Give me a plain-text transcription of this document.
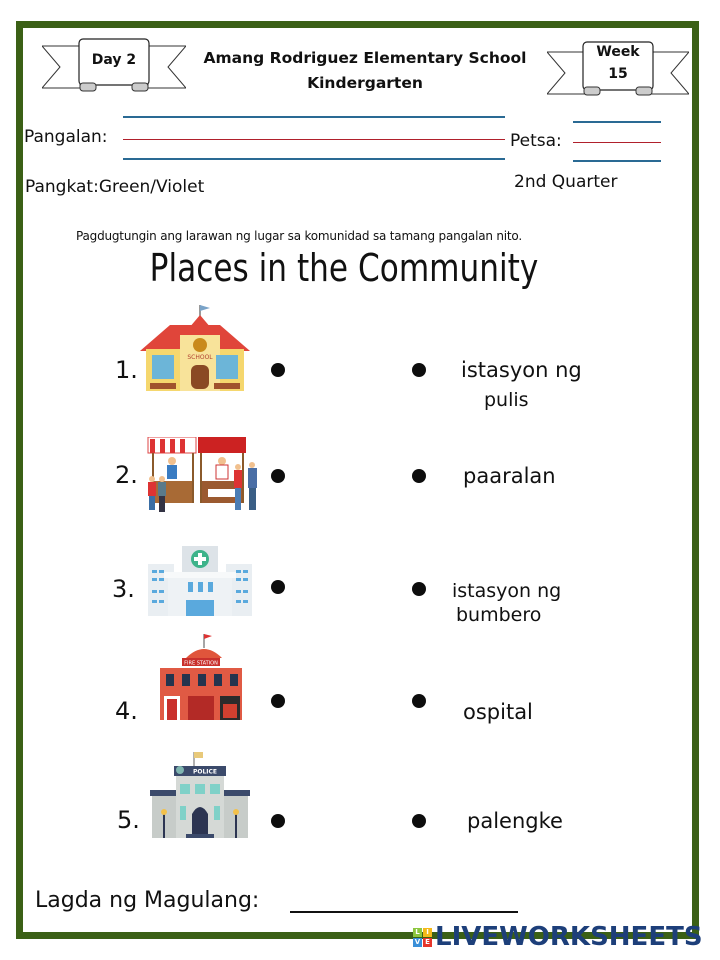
Day 2	Amang Rodriguez Elementary School
Kindergarten
Week
15
Pangalan:	Petsa:
Pangkat:Green/Violet	2nd Quarter
Pagdugtungin ang larawan ng lugar sa komunidad sa tamang pangalan nito.
Places in the Community
1.
2.
3.
4.
5.
SCHOOL
FIRE STATION
POLICE
istasyon ng
pulis
paaralan
istasyon ng
bumbero
ospital
palengke
Lagda ng Magulang:
L I
V E LIVEWORKSHEETS
